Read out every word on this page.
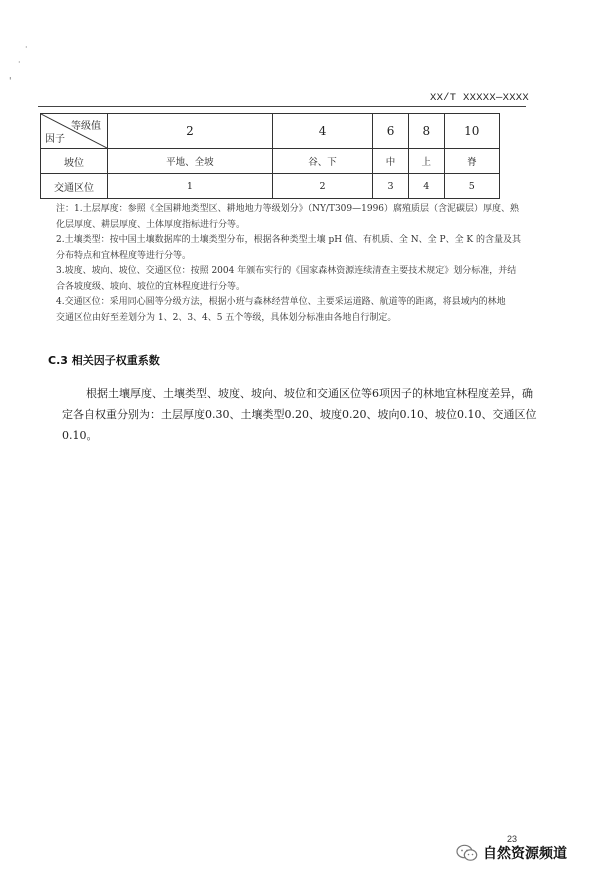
·
·
'
XX/T XXXXX—XXXX
等级值
因子	2	4	6	8	10
坡位	平地、全坡	谷、下	中	上	脊
交通区位	1	2	3	4	5

注：1.土层厚度：参照《全国耕地类型区、耕地地力等级划分》（NY/T309—1996）腐殖质层（含泥碳层）厚度、熟

化层厚度、耕层厚度、土体厚度指标进行分等。

2.土壤类型：按中国土壤数据库的土壤类型分布，根据各种类型土壤 pH 值、有机质、全 N、全 P、全 K 的含量及其

分布特点和宜林程度等进行分等。

3.坡度、坡向、坡位、交通区位：按照 2004 年颁布实行的《国家森林资源连续清查主要技术规定》划分标准，并结

合各坡度级、坡向、坡位的宜林程度进行分等。

4.交通区位：采用同心圆等分级方法，根据小班与森林经营单位、主要采运道路、航道等的距离，将县域内的林地

交通区位由好至差划分为 1、2、3、4、5 五个等级，具体划分标准由各地自行制定。

C.3 相关因子权重系数

根据土壤厚度、土壤类型、坡度、坡向、坡位和交通区位等6项因子的林地宜林程度差异，确定各自权重分别为：土层厚度0.30、土壤类型0.20、坡度0.20、坡向0.10、坡位0.10、交通区位0.10。

23
自然资源频道
